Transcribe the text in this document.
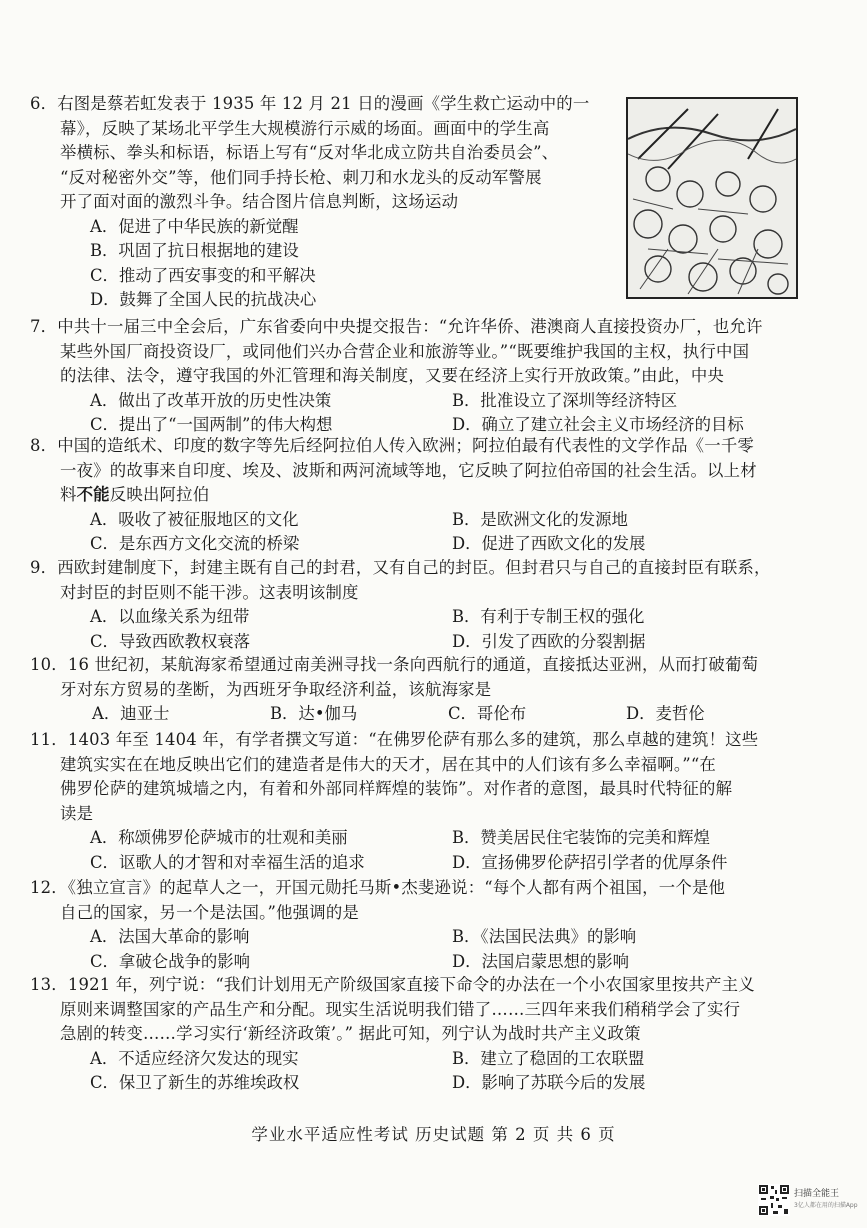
6．右图是蔡若虹发表于 1935 年 12 月 21 日的漫画《学生救亡运动中的一
幕》，反映了某场北平学生大规模游行示威的场面。画面中的学生高
举横标、拳头和标语，标语上写有“反对华北成立防共自治委员会”、
“反对秘密外交”等，他们同手持长枪、刺刀和水龙头的反动军警展
开了面对面的激烈斗争。结合图片信息判断，这场运动
A．促进了中华民族的新觉醒
B．巩固了抗日根据地的建设
C．推动了西安事变的和平解决
D．鼓舞了全国人民的抗战决心
7．中共十一届三中全会后，广东省委向中央提交报告：“允许华侨、港澳商人直接投资办厂，也允许
某些外国厂商投资设厂，或同他们兴办合营企业和旅游等业。”“既要维护我国的主权，执行中国
的法律、法令，遵守我国的外汇管理和海关制度，又要在经济上实行开放政策。”由此，中央
A．做出了改革开放的历史性决策	B．批准设立了深圳等经济特区
C．提出了“一国两制”的伟大构想	D．确立了建立社会主义市场经济的目标
8．中国的造纸术、印度的数字等先后经阿拉伯人传入欧洲；阿拉伯最有代表性的文学作品《一千零
一夜》的故事来自印度、埃及、波斯和两河流域等地，它反映了阿拉伯帝国的社会生活。以上材
料不能反映出阿拉伯
A．吸收了被征服地区的文化	B．是欧洲文化的发源地
C．是东西方文化交流的桥梁	D．促进了西欧文化的发展
9．西欧封建制度下，封建主既有自己的封君，又有自己的封臣。但封君只与自己的直接封臣有联系，
对封臣的封臣则不能干涉。这表明该制度
A．以血缘关系为纽带	B．有利于专制王权的强化
C．导致西欧教权衰落	D．引发了西欧的分裂割据
10．16 世纪初，某航海家希望通过南美洲寻找一条向西航行的通道，直接抵达亚洲，从而打破葡萄
牙对东方贸易的垄断，为西班牙争取经济利益，该航海家是
A．迪亚士	B．达•伽马	C．哥伦布	D．麦哲伦
11．1403 年至 1404 年，有学者撰文写道：“在佛罗伦萨有那么多的建筑，那么卓越的建筑！这些
建筑实实在在地反映出它们的建造者是伟大的天才，居在其中的人们该有多么幸福啊。”“在
佛罗伦萨的建筑城墙之内，有着和外部同样辉煌的装饰”。对作者的意图，最具时代特征的解
读是
A．称颂佛罗伦萨城市的壮观和美丽	B．赞美居民住宅装饰的完美和辉煌
C．讴歌人的才智和对幸福生活的追求	D．宣扬佛罗伦萨招引学者的优厚条件
12．《独立宣言》的起草人之一，开国元勋托马斯•杰斐逊说：“每个人都有两个祖国，一个是他
自己的国家，另一个是法国。”他强调的是
A．法国大革命的影响	B．《法国民法典》的影响
C．拿破仑战争的影响	D．法国启蒙思想的影响
13．1921 年，列宁说：“我们计划用无产阶级国家直接下命令的办法在一个小农国家里按共产主义
原则来调整国家的产品生产和分配。现实生活说明我们错了……三四年来我们稍稍学会了实行
急剧的转变……学习实行‘新经济政策’。” 据此可知，列宁认为战时共产主义政策
A．不适应经济欠发达的现实	B．建立了稳固的工农联盟
C．保卫了新生的苏维埃政权	D．影响了苏联今后的发展
学业水平适应性考试 历史试题 第 2 页 共 6 页
扫描全能王
3亿人都在用的扫描App
